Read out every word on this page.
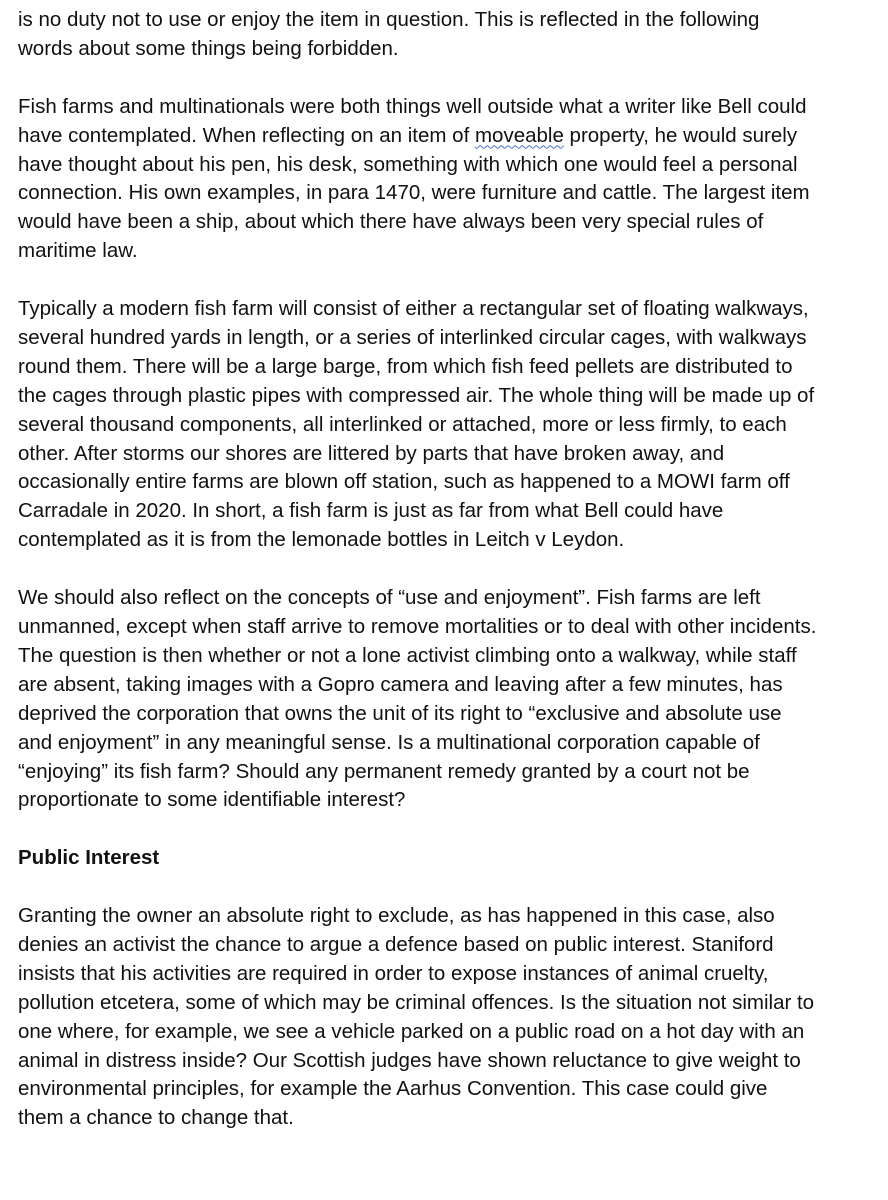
is no duty not to use or enjoy the item in question. This is reflected in the following
words about some things being forbidden.

Fish farms and multinationals were both things well outside what a writer like Bell could
have contemplated. When reflecting on an item of moveable property, he would surely
have thought about his pen, his desk, something with which one would feel a personal
connection. His own examples, in para 1470, were furniture and cattle. The largest item
would have been a ship, about which there have always been very special rules of
maritime law.

Typically a modern fish farm will consist of either a rectangular set of floating walkways,
several hundred yards in length, or a series of interlinked circular cages, with walkways
round them. There will be a large barge, from which fish feed pellets are distributed to
the cages through plastic pipes with compressed air. The whole thing will be made up of
several thousand components, all interlinked or attached, more or less firmly, to each
other. After storms our shores are littered by parts that have broken away, and
occasionally entire farms are blown off station, such as happened to a MOWI farm off
Carradale in 2020. In short, a fish farm is just as far from what Bell could have
contemplated as it is from the lemonade bottles in Leitch v Leydon.

We should also reflect on the concepts of “use and enjoyment”. Fish farms are left
unmanned, except when staff arrive to remove mortalities or to deal with other incidents.
The question is then whether or not a lone activist climbing onto a walkway, while staff
are absent, taking images with a Gopro camera and leaving after a few minutes, has
deprived the corporation that owns the unit of its right to “exclusive and absolute use
and enjoyment” in any meaningful sense. Is a multinational corporation capable of
“enjoying” its fish farm? Should any permanent remedy granted by a court not be
proportionate to some identifiable interest?

Public Interest

Granting the owner an absolute right to exclude, as has happened in this case, also
denies an activist the chance to argue a defence based on public interest. Staniford
insists that his activities are required in order to expose instances of animal cruelty,
pollution etcetera, some of which may be criminal offences. Is the situation not similar to
one where, for example, we see a vehicle parked on a public road on a hot day with an
animal in distress inside? Our Scottish judges have shown reluctance to give weight to
environmental principles, for example the Aarhus Convention. This case could give
them a chance to change that.
